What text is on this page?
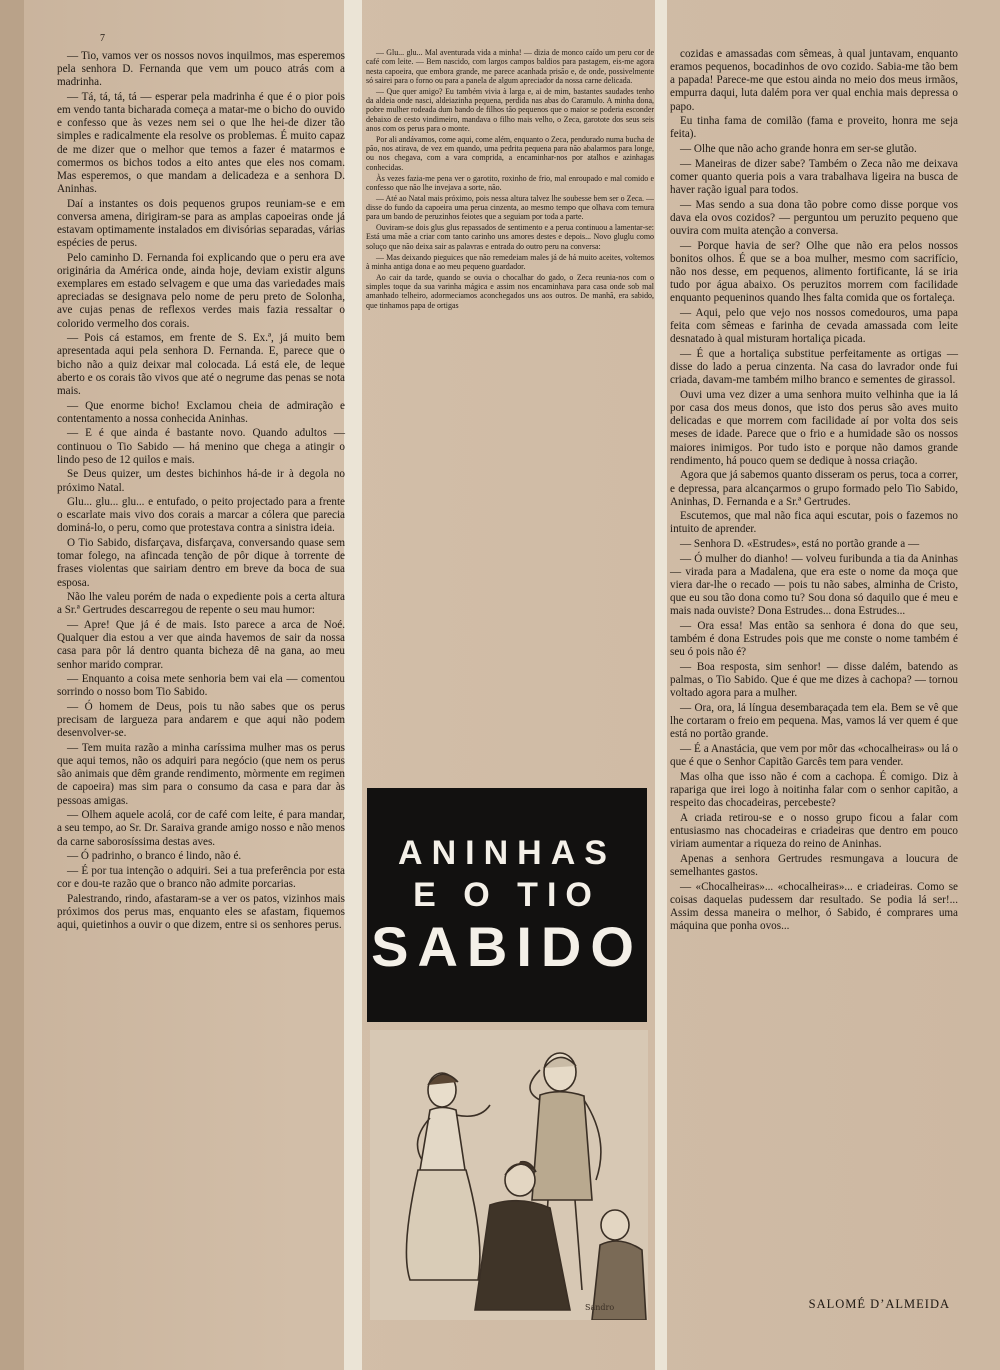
7

— Tio, vamos ver os nossos novos inquilmos, mas esperemos pela senhora D. Fernanda que vem um pouco atrás com a madrinha.

— Tá, tá, tá, tá — esperar pela madrinha é que é o pior pois em vendo tanta bicharada começa a matar-me o bicho do ouvido e confesso que às vezes nem sei o que lhe hei-de dizer tão simples e radicalmente ela resolve os problemas. É muito capaz de me dizer que o melhor que temos a fazer é matarmos e comermos os bichos todos a eito antes que eles nos comam. Mas esperemos, o que mandam a delicadeza e a senhora D. Aninhas.

Daí a instantes os dois pequenos grupos reuniam-se e em conversa amena, dirigiram-se para as amplas capoeiras onde já estavam optimamente instalados em divisórias separadas, várias espécies de perus.

Pelo caminho D. Fernanda foi explicando que o peru era ave originária da América onde, ainda hoje, deviam existir alguns exemplares em estado selvagem e que uma das variedades mais apreciadas se designava pelo nome de peru preto de Solonha, ave cujas penas de reflexos verdes mais fazia ressaltar o colorido vermelho dos corais.

— Pois cá estamos, em frente de S. Ex.ª, já muito bem apresentada aqui pela senhora D. Fernanda. E, parece que o bicho não a quiz deixar mal colocada. Lá está ele, de leque aberto e os corais tão vivos que até o negrume das penas se nota mais.

— Que enorme bicho! Exclamou cheia de admiração e contentamento a nossa conhecida Aninhas.

— E é que ainda é bastante novo. Quando adultos — continuou o Tio Sabido — há menino que chega a atingir o lindo peso de 12 quilos e mais.

Se Deus quizer, um destes bichinhos há-de ir à degola no próximo Natal.

Glu... glu... glu... e entufado, o peito projectado para a frente o escarlate mais vivo dos corais a marcar a cólera que parecia dominá-lo, o peru, como que protestava contra a sinistra ideia.

O Tio Sabido, disfarçava, disfarçava, conversando quase sem tomar folego, na afincada tenção de pôr dique à torrente de frases violentas que sairiam dentro em breve da boca de sua esposa.

Não lhe valeu porém de nada o expediente pois a certa altura a Sr.ª Gertrudes descarregou de repente o seu mau humor:

— Apre! Que já é de mais. Isto parece a arca de Noé. Qualquer dia estou a ver que ainda havemos de sair da nossa casa para pôr lá dentro quanta bicheza dê na gana, ao meu senhor marido comprar.

— Enquanto a coisa mete senhoria bem vai ela — comentou sorrindo o nosso bom Tio Sabido.

— Ó homem de Deus, pois tu não sabes que os perus precisam de largueza para andarem e que aqui não podem desenvolver-se.

— Tem muita razão a minha caríssima mulher mas os perus que aqui temos, não os adquiri para negócio (que nem os perus são animais que dêm grande rendimento, mòrmente em regimen de capoeira) mas sim para o consumo da casa e para dar às pessoas amigas.

— Olhem aquele acolá, cor de café com leite, é para mandar, a seu tempo, ao Sr. Dr. Saraiva grande amigo nosso e não menos da carne saborosíssima destas aves.

— Ó padrinho, o branco é lindo, não é.

— É por tua intenção o adquiri. Sei a tua preferência por esta cor e dou-te razão que o branco não admite porcarias.

Palestrando, rindo, afastaram-se a ver os patos, vizinhos mais próximos dos perus mas, enquanto eles se afastam, fiquemos aqui, quietinhos a ouvir o que dizem, entre si os senhores perus.

— Glu... glu... Mal aventurada vida a minha! — dizia de monco caído um peru cor de café com leite. — Bem nascido, com largos campos baldios para pastagem, eis-me agora nesta capoeira, que embora grande, me parece acanhada prisão e, de onde, possivelmente só sairei para o forno ou para a panela de algum apreciador da nossa carne delicada.

— Que quer amigo? Eu também vivia à larga e, ai de mim, bastantes saudades tenho da aldeia onde nasci, aldeiazinha pequena, perdida nas abas do Caramulo. A minha dona, pobre mulher rodeada dum bando de filhos tão pequenos que o maior se poderia esconder debaixo de cesto vindimeiro, mandava o filho mais velho, o Zeca, garotote dos seus seis anos com os perus para o monte.

Por ali andávamos, come aqui, come além, enquanto o Zeca, pendurado numa bucha de pão, nos atirava, de vez em quando, uma pedrita pequena para não abalarmos para longe, ou nos chegava, com a vara comprida, a encaminhar-nos por atalhos e azinhagas conhecidas.

Às vezes fazia-me pena ver o garotito, roxinho de frio, mal enroupado e mal comido e confesso que não lhe invejava a sorte, não.

— Até ao Natal mais próximo, pois nessa altura talvez lhe soubesse bem ser o Zeca. — disse do fundo da capoeira uma perua cinzenta, ao mesmo tempo que olhava com ternura para um bando de peruzinhos feiotes que a seguiam por toda a parte.

Ouviram-se dois glus glus repassados de sentimento e a perua continuou a lamentar-se: Está uma mãe a criar com tanto carinho uns amores destes e depois... Novo gluglu como soluço que não deixa sair as palavras e entrada do outro peru na conversa:

— Mas deixando pieguices que não remedeiam males já de há muito aceites, voltemos à minha antiga dona e ao meu pequeno guardador.

Ao cair da tarde, quando se ouvia o chocalhar do gado, o Zeca reunia-nos com o simples toque da sua varinha mágica e assim nos encaminhava para casa onde sob mal amanhado telheiro, adormeciamos aconchegados uns aos outros. De manhã, era sabido, que tinhamos papa de ortigas

cozidas e amassadas com sêmeas, à qual juntavam, enquanto eramos pequenos, bocadinhos de ovo cozido. Sabia-me tão bem a papada! Parece-me que estou ainda no meio dos meus irmãos, empurra daqui, luta dalém pora ver qual enchia mais depressa o papo.

Eu tinha fama de comilão (fama e proveito, honra me seja feita).

— Olhe que não acho grande honra em ser-se glutão.

— Maneiras de dizer sabe? Também o Zeca não me deixava comer quanto queria pois a vara trabalhava ligeira na busca de haver ração igual para todos.

— Mas sendo a sua dona tão pobre como disse porque vos dava ela ovos cozidos? — perguntou um peruzito pequeno que ouvira com muita atenção a conversa.

— Porque havia de ser? Olhe que não era pelos nossos bonitos olhos. É que se a boa mulher, mesmo com sacrifício, não nos desse, em pequenos, alimento fortificante, lá se iria tudo por água abaixo. Os peruzitos morrem com facilidade enquanto pequeninos quando lhes falta comida que os fortaleça.

— Aqui, pelo que vejo nos nossos comedouros, uma papa feita com sêmeas e farinha de cevada amassada com leite desnatado à qual misturam hortaliça picada.

— É que a hortaliça substitue perfeitamente as ortigas — disse do lado a perua cinzenta. Na casa do lavrador onde fui criada, davam-me também milho branco e sementes de girassol.

Ouvi uma vez dizer a uma senhora muito velhinha que ia lá por casa dos meus donos, que isto dos perus são aves muito delicadas e que morrem com facilidade aí por volta dos seis meses de idade. Parece que o frio e a humidade são os nossos maiores inimigos. Por tudo isto e porque não damos grande rendimento, há pouco quem se dedique à nossa criação.

Agora que já sabemos quanto disseram os perus, toca a correr, e depressa, para alcançarmos o grupo formado pelo Tio Sabido, Aninhas, D. Fernanda e a Sr.ª Gertrudes.

Escutemos, que mal não fica aqui escutar, pois o fazemos no intuito de aprender.

— Senhora D. «Estrudes», está no portão grande a —

— Ó mulher do dianho! — volveu furibunda a tia da Aninhas — virada para a Madalena, que era este o nome da moça que viera dar-lhe o recado — pois tu não sabes, alminha de Cristo, que eu sou tão dona como tu? Sou dona só daquilo que é meu e mais nada ouviste? Dona Estrudes... dona Estrudes...

— Ora essa! Mas então sa senhora é dona do que seu, também é dona Estrudes pois que me conste o nome também é seu ó pois não é?

— Boa resposta, sim senhor! — disse dalém, batendo as palmas, o Tio Sabido. Que é que me dizes à cachopa? — tornou voltado agora para a mulher.

— Ora, ora, lá língua desembaraçada tem ela. Bem se vê que lhe cortaram o freio em pequena. Mas, vamos lá ver quem é que está no portão grande.

— É a Anastácia, que vem por môr das «chocalheiras» ou lá o que é que o Senhor Capitão Garcês tem para vender.

Mas olha que isso não é com a cachopa. É comigo. Diz à rapariga que irei logo à noitinha falar com o senhor capitão, a respeito das chocadeiras, percebeste?

A criada retirou-se e o nosso grupo ficou a falar com entusiasmo nas chocadeiras e criadeiras que dentro em pouco viriam aumentar a riqueza do reino de Aninhas.

Apenas a senhora Gertrudes resmungava a loucura de semelhantes gastos.

— «Chocalheiras»... «chocalheiras»... e criadeiras. Como se coisas daquelas pudessem dar resultado. Se podia lá ser!... Assim dessa maneira o melhor, ó Sabido, é comprares uma máquina que ponha ovos...

ANINHAS
E O TIO
SABIDO
Sandro	SALOMÉ D’ALMEIDA
